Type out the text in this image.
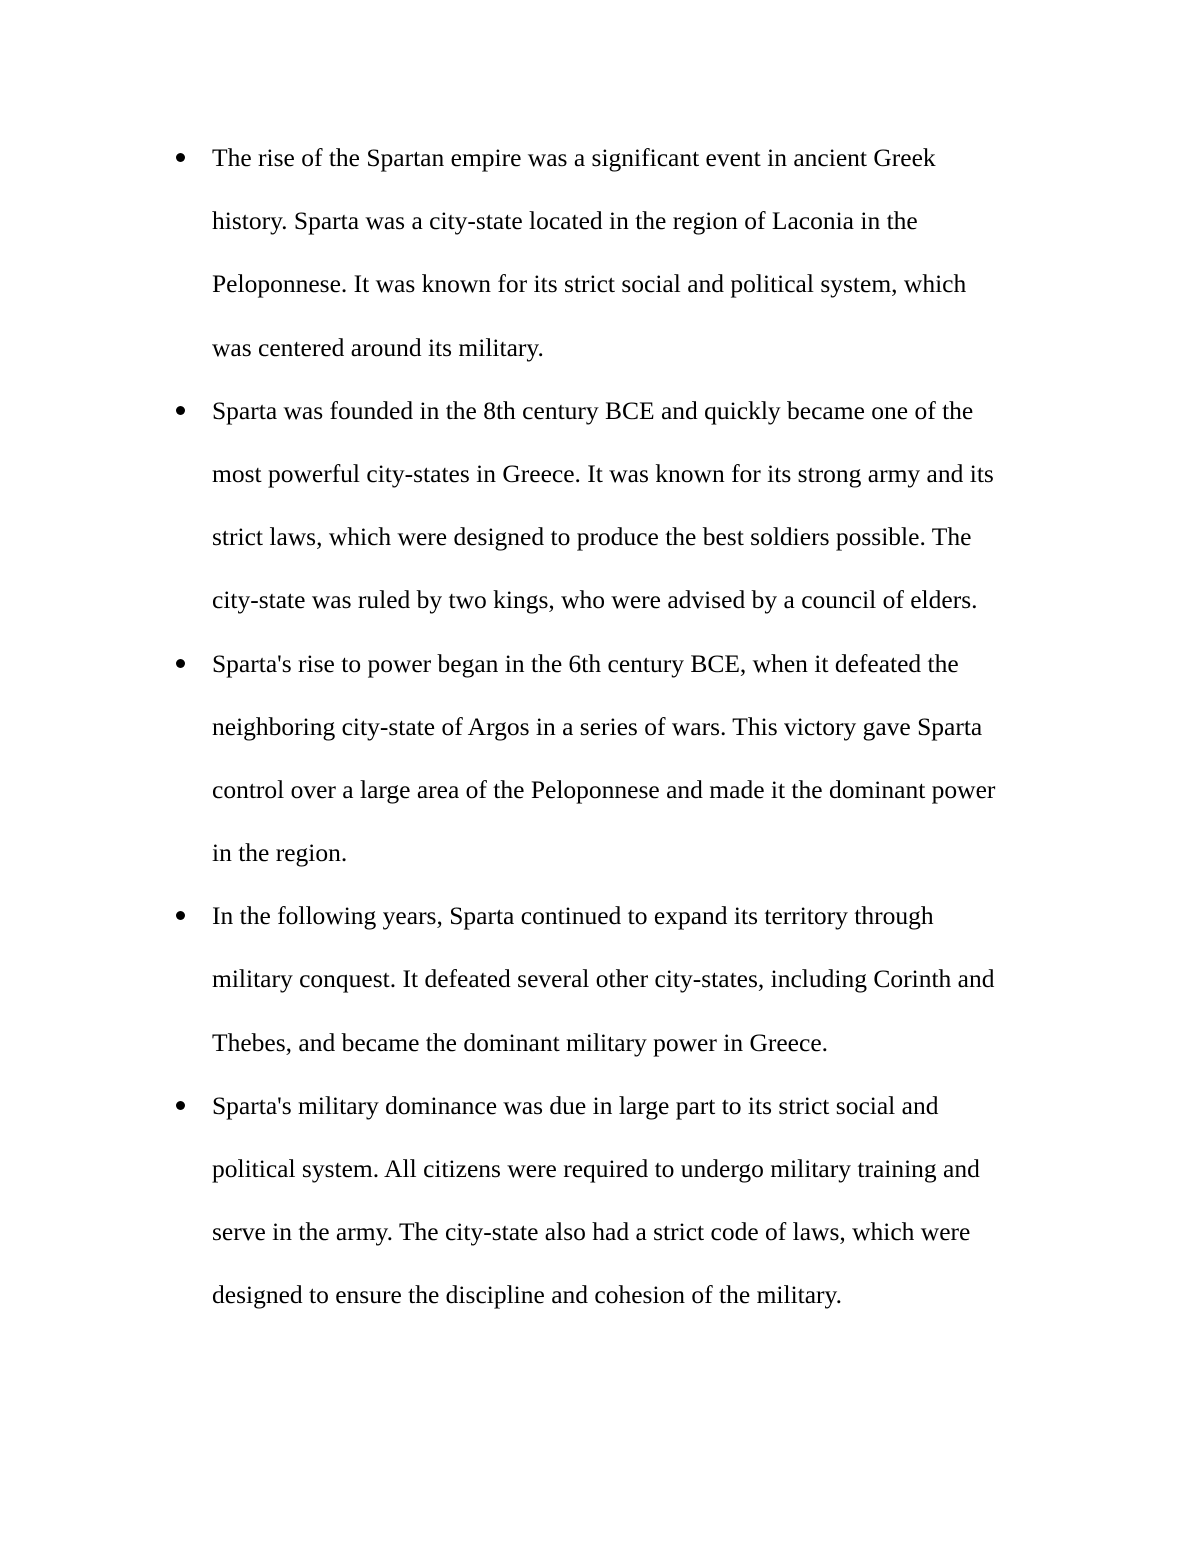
The rise of the Spartan empire was a significant event in ancient Greek
history. Sparta was a city-state located in the region of Laconia in the
Peloponnese. It was known for its strict social and political system, which
was centered around its military.
Sparta was founded in the 8th century BCE and quickly became one of the
most powerful city-states in Greece. It was known for its strong army and its
strict laws, which were designed to produce the best soldiers possible. The
city-state was ruled by two kings, who were advised by a council of elders.
Sparta's rise to power began in the 6th century BCE, when it defeated the
neighboring city-state of Argos in a series of wars. This victory gave Sparta
control over a large area of the Peloponnese and made it the dominant power
in the region.
In the following years, Sparta continued to expand its territory through
military conquest. It defeated several other city-states, including Corinth and
Thebes, and became the dominant military power in Greece.
Sparta's military dominance was due in large part to its strict social and
political system. All citizens were required to undergo military training and
serve in the army. The city-state also had a strict code of laws, which were
designed to ensure the discipline and cohesion of the military.
